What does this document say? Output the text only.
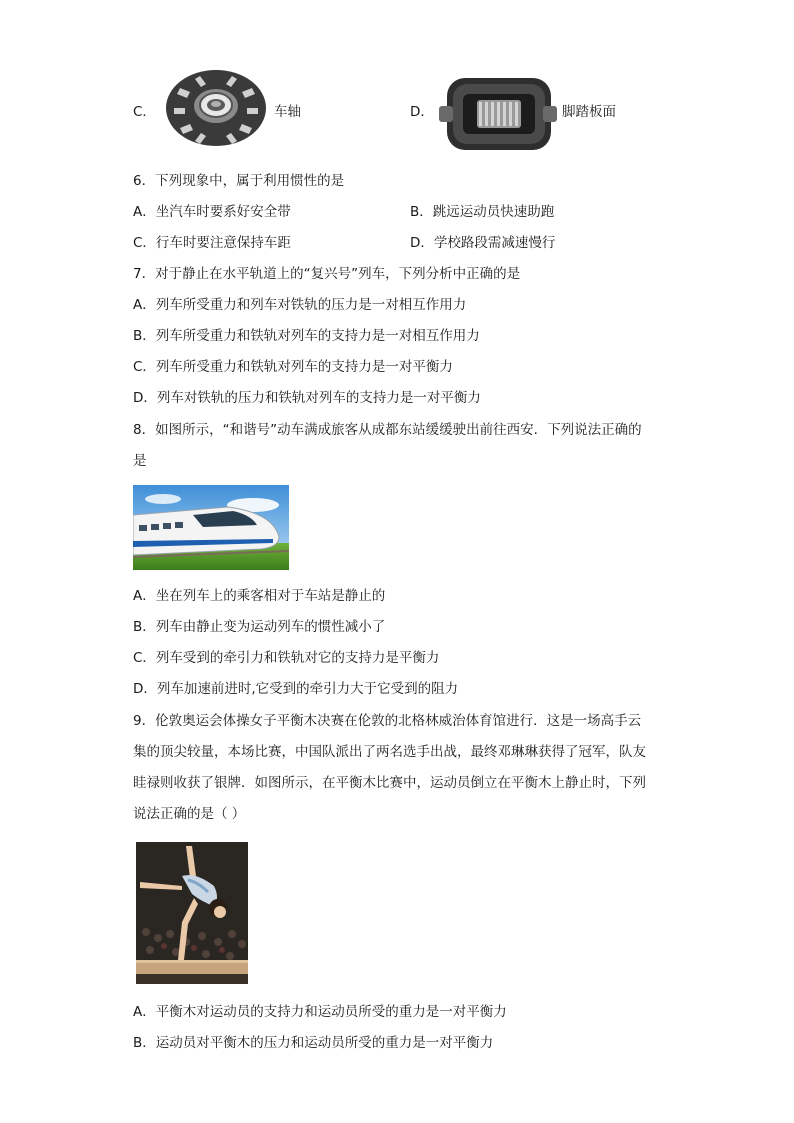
C．	车轴	D．	脚踏板面
6．下列现象中，属于利用惯性的是
A．坐汽车时要系好安全带	B．跳远运动员快速助跑
C．行车时要注意保持车距	D．学校路段需减速慢行
7．对于静止在水平轨道上的“复兴号”列车，下列分析中正确的是
A．列车所受重力和列车对铁轨的压力是一对相互作用力
B．列车所受重力和铁轨对列车的支持力是一对相互作用力
C．列车所受重力和铁轨对列车的支持力是一对平衡力
D．列车对铁轨的压力和铁轨对列车的支持力是一对平衡力
8．如图所示，“和谐号”动车满成旅客从成都东站缓缓驶出前往西安．下列说法正确的
是
A．坐在列车上的乘客相对于车站是静止的
B．列车由静止变为运动列车的惯性减小了
C．列车受到的牵引力和铁轨对它的支持力是平衡力
D．列车加速前进时,它受到的牵引力大于它受到的阻力
9．伦敦奥运会体操女子平衡木决赛在伦敦的北格林威治体育馆进行．这是一场高手云
集的顶尖较量，本场比赛，中国队派出了两名选手出战，最终邓琳琳获得了冠军，队友
眭禄则收获了银牌．如图所示，在平衡木比赛中，运动员倒立在平衡木上静止时，下列
说法正确的是（ ）
A．平衡木对运动员的支持力和运动员所受的重力是一对平衡力
B．运动员对平衡木的压力和运动员所受的重力是一对平衡力
